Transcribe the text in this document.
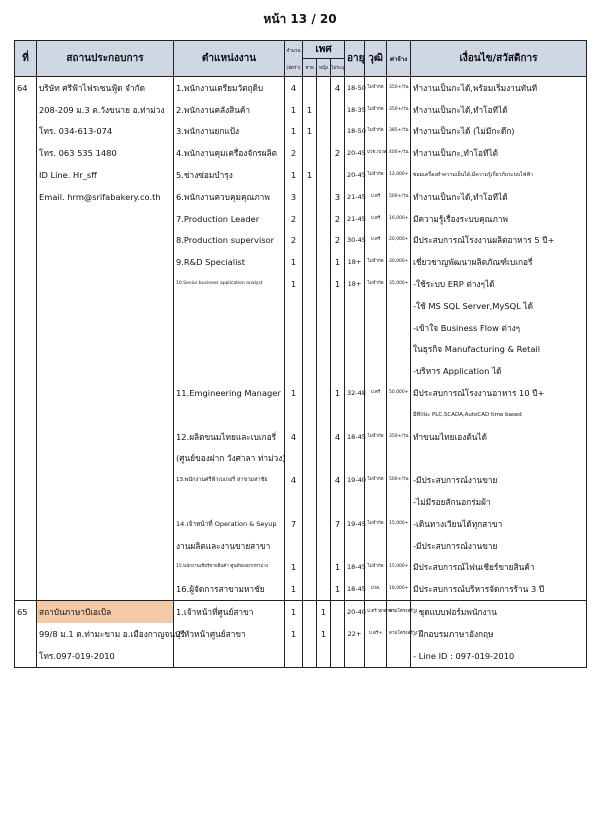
หน้า 13 / 20
ที่	สถานประกอบการ	ตำแหน่งงาน	จำนวน
(อัตรา)	เพศ			อายุ	วุฒิ	ค่าจ้าง	เงื่อนไข/สวัสดิการ
				ชาย	หญิง	ไม่ระบุ				
64	บริษัท ศรีฟ้าไฟรเซนฟู้ด จำกัด	1.พนักงานเตรียมวัตถุดิบ	4			4	18-50	ไม่จำกัด	350+/วัน	ทำงานเป็นกะได้,พร้อมเริ่มงานทันที
	208-209 ม.3 ต.วังขนาย อ.ท่าม่วง	2.พนักงานคลังสินค้า	1	1			18-35	ไม่จำกัด	350+/วัน	ทำงานเป็นกะได้,ทำโอทีได้
	โทร. 034-613-074	3.พนักงานยกแป้ง	1	1			18-50	ไม่จำกัด	385+/วัน	ทำงานเป็นกะได้ (ไม่มีกะดึก)
	โทร. 063 535 1480	4.พนักงานคุมเครื่องจักรผลิต	2			2	20-45	ปวช./ปวส.	400+/วัน	ทำงานเป็นกะ,ทำโอทีได้
	ID Line. Hr_sff	5.ช่างซ่อมบำรุง	1	1			20-45	ไม่จำกัด	12,000+	ซ่อมเครื่องทำความเย็นได้,มีความรู้เกี่ยวกับระบบไฟฟ้า
	Email. hrm@srifabakery.co.th	6.พนักงานควบคุมคุณภาพ	3			3	21-45	ป.ตรี	500+/วัน	ทำงานเป็นกะได้,ทำโอทีได้
		7.Production Leader	2			2	21-45	ป.ตรี	16,000+	มีความรู้เรื่องระบบคุณภาพ
		8.Production supervisor	2			2	30-45	ป.ตรี	20,000+	มีประสบการณ์โรงงานผลิตอาหาร 5 ปี+
		9.R&D Specialist	1			1	18+	ไม่จำกัด	30,000+	เชี่ยวชาญพัฒนาผลิตภัณฑ์เบเกอรี่
		10.Senior business application analyst	1			1	18+	ไม่จำกัด	35,000+	-ใช้ระบบ ERP ต่างๆได้
										-ใช้ MS SQL Server,MySQL ได้
										-เข้าใจ Business Flow ต่างๆ
										ในธุรกิจ Manufacturing & Retail
										-บริหาร Application ได้
		11.Emgineering Manager	1			1	32-48	ป.ตรี	50,000+	มีประสบการณ์โรงงานอาหาร 10 ปี+
										มีทักษะ PLC,SCADA,AutoCAD time based
		12.ผลิตขนมไทยและเบเกอรี่	4			4	18-45	ไม่จำกัด	350+/วัน	ทำขนมไทยเองต้นได้
		(ศูนย์ของฝาก วังศาลา ท่าม่วง)								
		13.พนักงานศรีฟ้าเบเกอรี่ สาขามหาชัย	4			4	19-40	ไม่จำกัด	500+/วัน	-มีประสบการณ์งานขาย
										-ไม่มีรอยสักนอกร่มผ้า
		14.เจ้าหน้าที่ Operation & Seyup	7			7	19-45	ไม่จำกัด	15,000+	-เดินทางเวียนได้ทุกสาขา
		งานผลิตและงานขายสาขา								-มีประสบการณ์งานขาย
		15.พนักงานเชียร์ขายสินค้า ศูนย์ของฝากท่าม่วง	1			1	18-45	ไม่จำกัด	15,000+	มีประสบการณ์ไฟนเชียร์ขายสินค้า
		16.ผู้จัดการสาขามหาชัย	1			1	18-45	ปวส.	18,000+	มีประสบการณ์บริหารจัดการร้าน 3 ปี
65	สถาบันภาษาบีเอเบิล	1.เจ้าหน้าที่ศูนย์สาขา	1		1		20-40	ป.ตรี ทุกสาขา	ตามโครงสร้าง	- ชุดแบบฟอร์มพนักงาน
	99/8 ม.1 ต.ท่ามะขาม อ.เมืองกาญจนบุรี	2.หัวหน้าศูนย์สาขา	1		1		22+	ป.ตรี+	ตามโครงสร้าง	- ฝึกอบรมภาษาอังกฤษ
	โทร.097-019-2010									- Line ID : 097-019-2010
